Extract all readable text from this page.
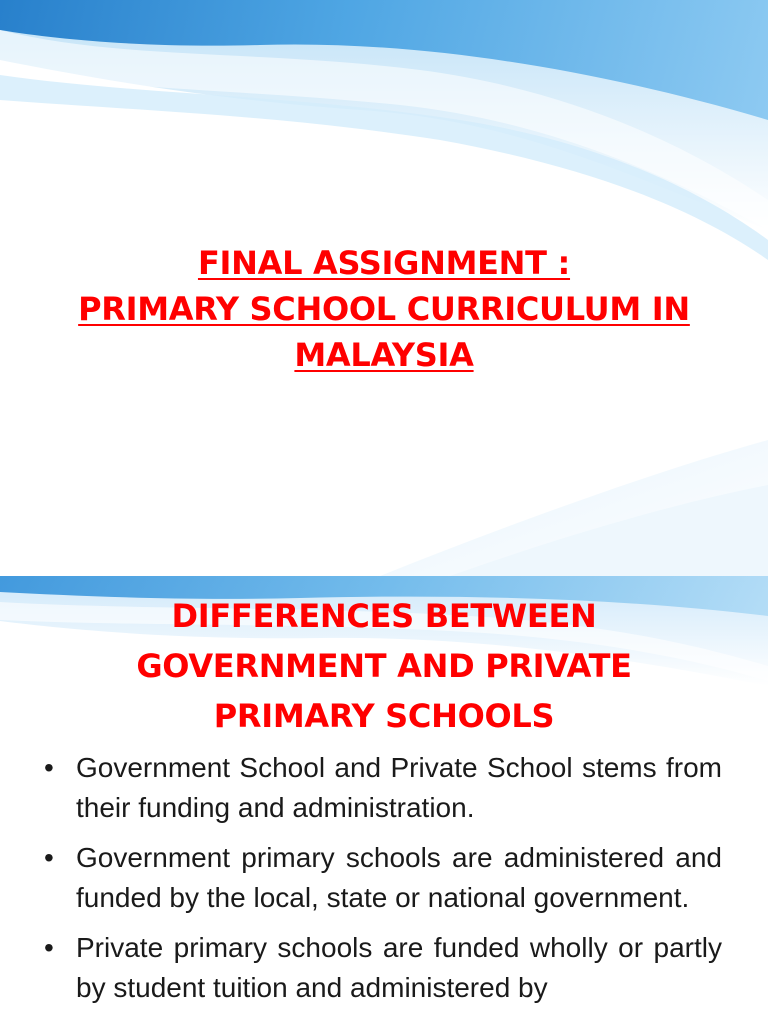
FINAL ASSIGNMENT :
PRIMARY SCHOOL CURRICULUM IN
MALAYSIA
DIFFERENCES BETWEEN
GOVERNMENT AND PRIVATE
PRIMARY SCHOOLS
• Government School and Private School stems from their funding and administration.
• Government primary schools are administered and funded by the local, state or national government.
• Private primary schools are funded wholly or partly by student tuition and administered by
